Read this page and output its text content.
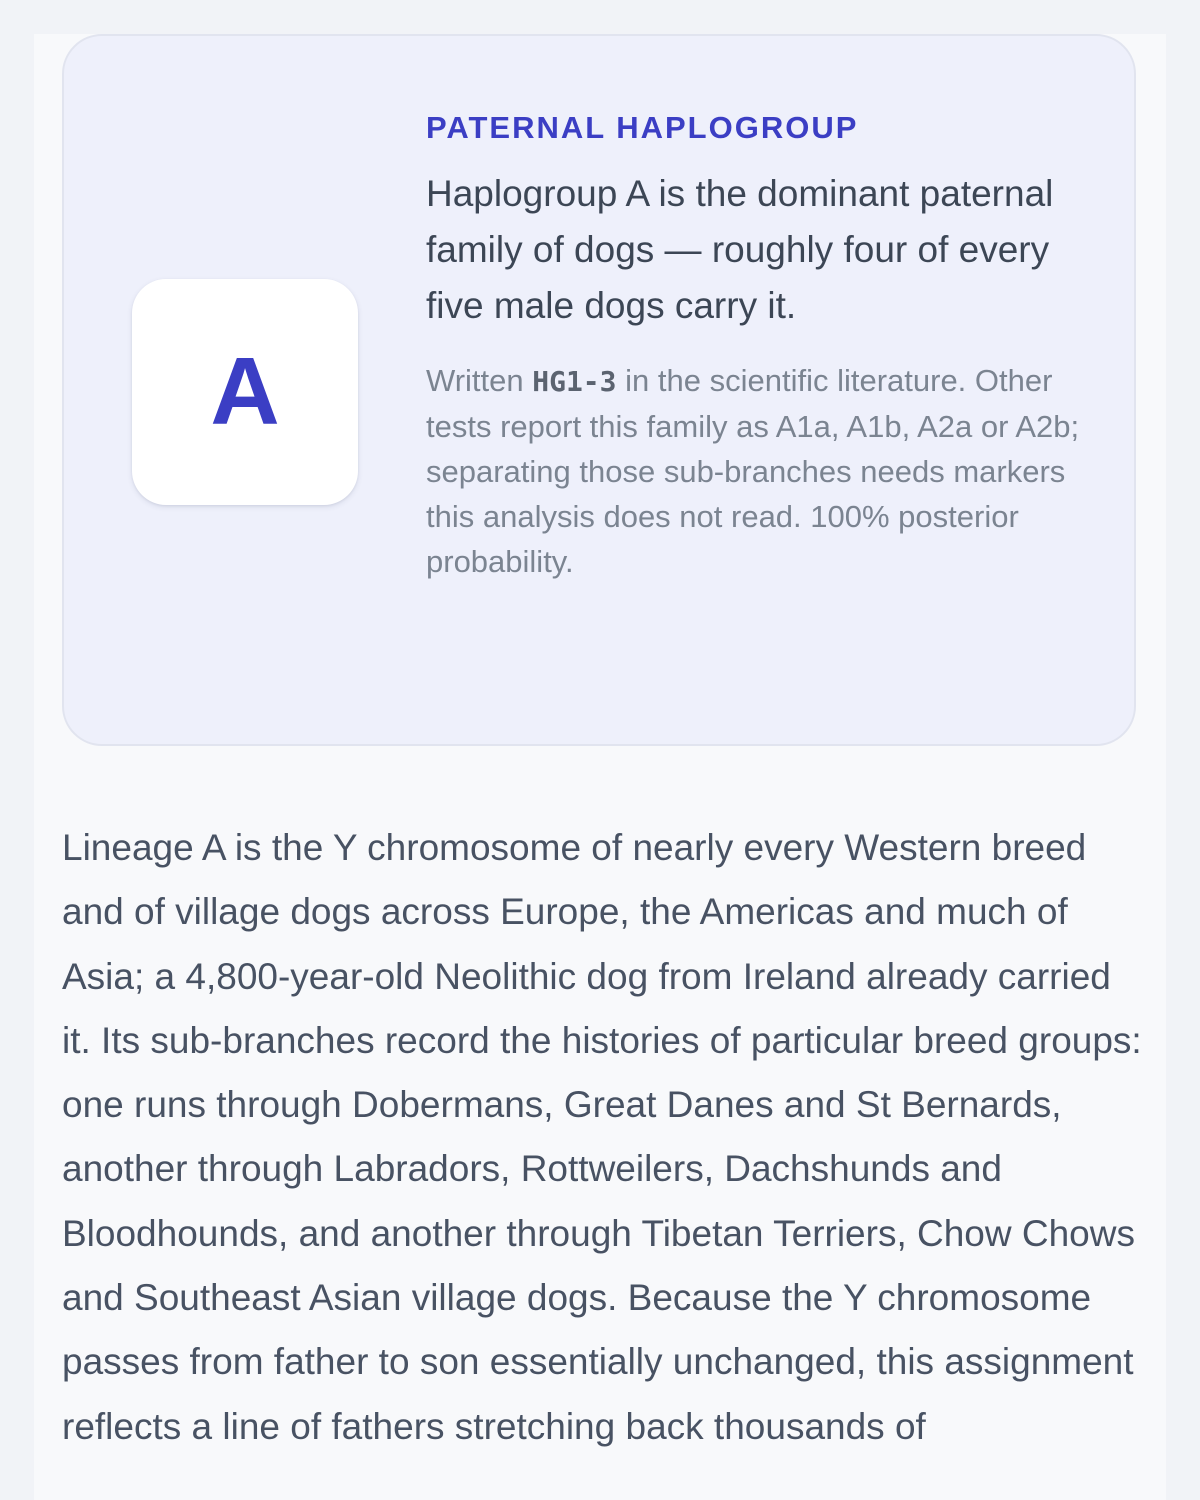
A

PATERNAL HAPLOGROUP

Haplogroup A is the dominant paternal family of dogs — roughly four of every five male dogs carry it.

Written HG1-3 in the scientific literature. Other tests report this family as A1a, A1b, A2a or A2b; separating those sub-branches needs markers this analysis does not read. 100% posterior probability.

Lineage A is the Y chromosome of nearly every Western breed and of village dogs across Europe, the Americas and much of Asia; a 4,800-year-old Neolithic dog from Ireland already carried it. Its sub-branches record the histories of particular breed groups: one runs through Dobermans, Great Danes and St Bernards, another through Labradors, Rottweilers, Dachshunds and Bloodhounds, and another through Tibetan Terriers, Chow Chows and Southeast Asian village dogs. Because the Y chromosome passes from father to son essentially unchanged, this assignment reflects a line of fathers stretching back thousands of
